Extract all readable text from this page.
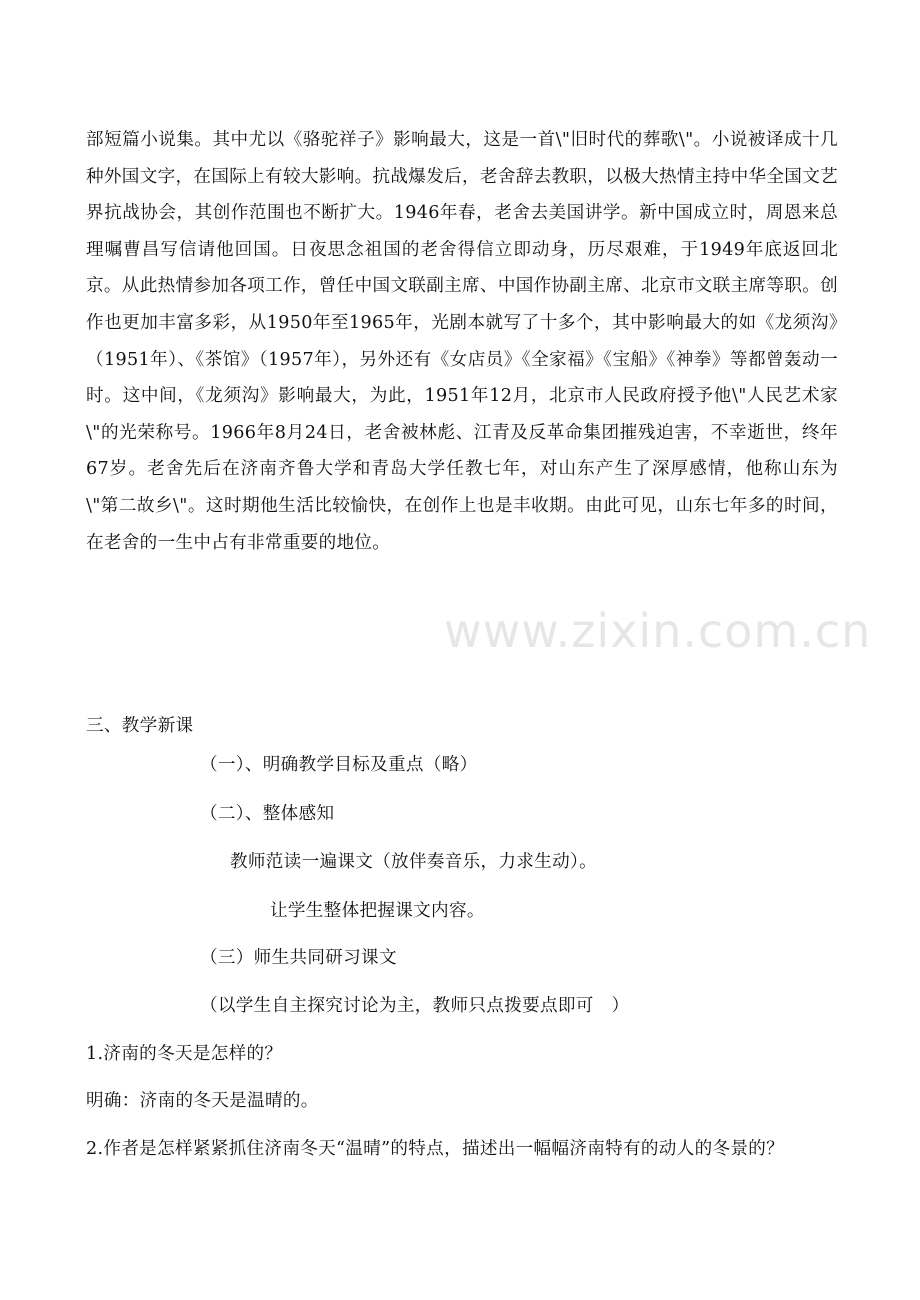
部短篇小说集。其中尤以《骆驼祥子》影响最大，这是一首\"旧时代的葬歌\"。小说被译成十几种外国文字，在国际上有较大影响。抗战爆发后，老舍辞去教职，以极大热情主持中华全国文艺界抗战协会，其创作范围也不断扩大。1946年春，老舍去美国讲学。新中国成立时，周恩来总理嘱曹昌写信请他回国。日夜思念祖国的老舍得信立即动身，历尽艰难，于1949年底返回北京。从此热情参加各项工作，曾任中国文联副主席、中国作协副主席、北京市文联主席等职。创作也更加丰富多彩，从1950年至1965年，光剧本就写了十多个，其中影响最大的如《龙须沟》（1951年）、《茶馆》（1957年），另外还有《女店员》《全家福》《宝船》《神拳》等都曾轰动一时。这中间，《龙须沟》影响最大，为此，1951年12月，北京市人民政府授予他\"人民艺术家\"的光荣称号。1966年8月24日，老舍被林彪、江青及反革命集团摧残迫害，不幸逝世，终年67岁。老舍先后在济南齐鲁大学和青岛大学任教七年，对山东产生了深厚感情，他称山东为\"第二故乡\"。这时期他生活比较愉快，在创作上也是丰收期。由此可见，山东七年多的时间，在老舍的一生中占有非常重要的地位。
三、教学新课
（一）、明确教学目标及重点（略）
（二）、整体感知
教师范读一遍课文（放伴奏音乐，力求生动）。
让学生整体把握课文内容。
（三）师生共同研习课文
（以学生自主探究讨论为主，教师只点拨要点即可　）
1.济南的冬天是怎样的？
明确：济南的冬天是温晴的。
2.作者是怎样紧紧抓住济南冬天“温晴”的特点，描述出一幅幅济南特有的动人的冬景的？
www.zixin.com.cn
